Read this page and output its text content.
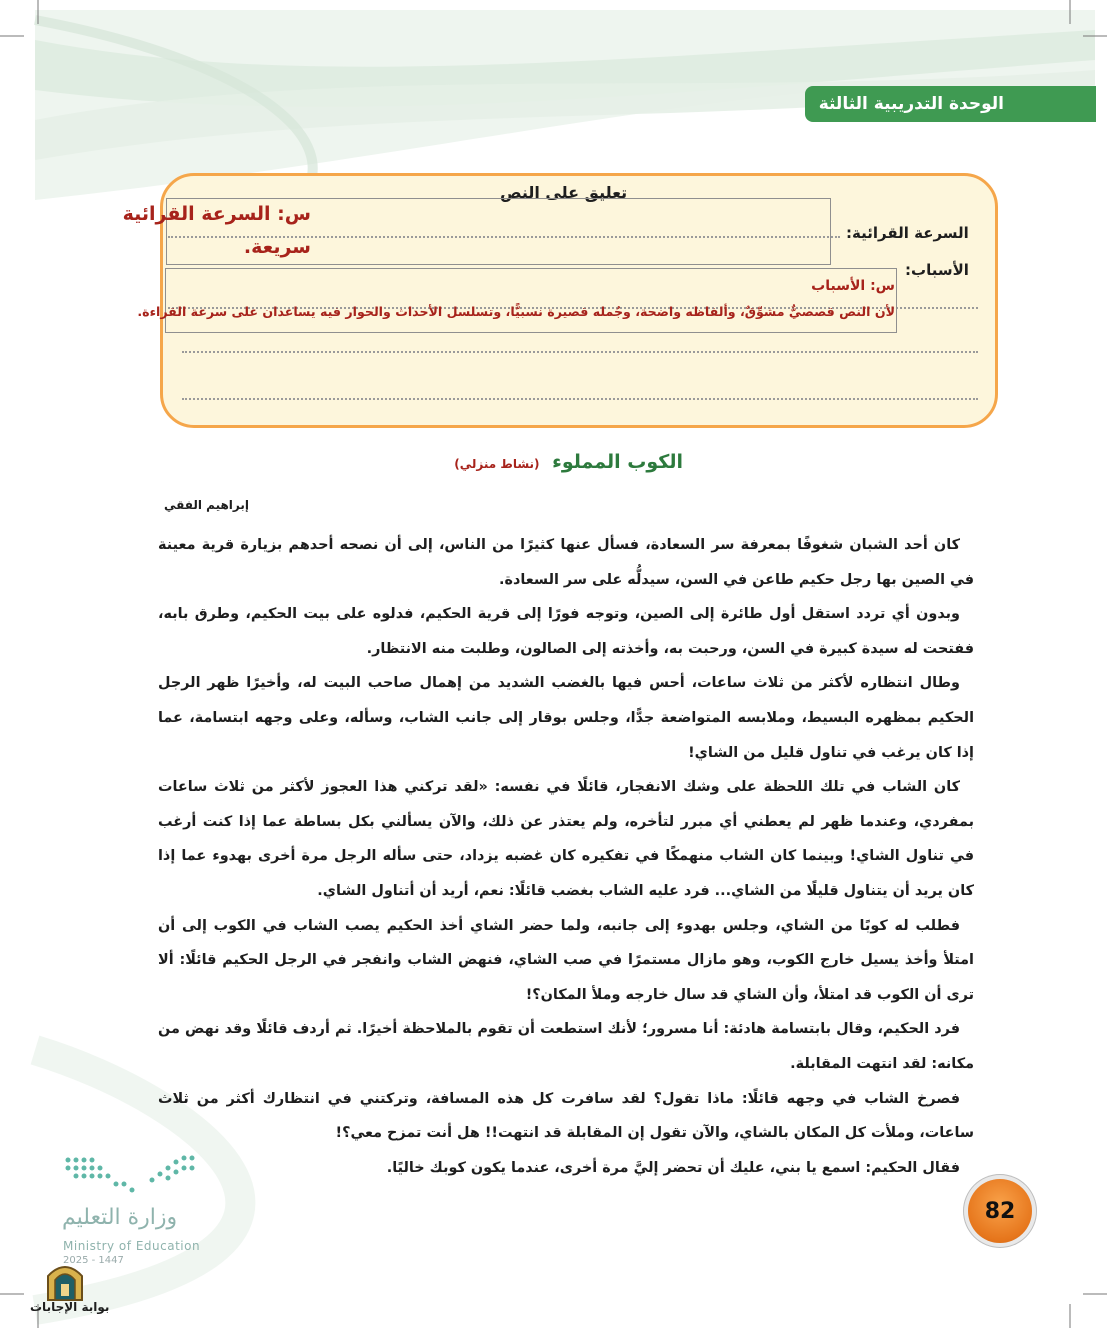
الوحدة التدريبية الثالثة
تعليق على النص
السرعة القرائية:
الأسباب:
س: السرعة القرائية
سريعة.
س: الأسباب
لأن النص قصصيٌّ مشوِّقٌ، وألفاظه واضحة، وجُمله قصيرة نسبيًّا، وتسلسل الأحداث والحوار فيه يساعدان على سرعة القراءة.
الكوب المملوء (نشاط منزلي)
إبراهيم الفقي

كان أحد الشبان شغوفًا بمعرفة سر السعادة، فسأل عنها كثيرًا من الناس، إلى أن نصحه أحدهم بزيارة قرية معينة في الصين بها رجل حكيم طاعن في السن، سيدلُّه على سر السعادة.

وبدون أي تردد استقل أول طائرة إلى الصين، وتوجه فورًا إلى قرية الحكيم، فدلوه على بيت الحكيم، وطرق بابه، ففتحت له سيدة كبيرة في السن، ورحبت به، وأخذته إلى الصالون، وطلبت منه الانتظار.

وطال انتظاره لأكثر من ثلاث ساعات، أحس فيها بالغضب الشديد من إهمال صاحب البيت له، وأخيرًا ظهر الرجل الحكيم بمظهره البسيط، وملابسه المتواضعة جدًّا، وجلس بوقار إلى جانب الشاب، وسأله، وعلى وجهه ابتسامة، عما إذا كان يرغب في تناول قليل من الشاي!

كان الشاب في تلك اللحظة على وشك الانفجار، قائلًا في نفسه: «لقد تركني هذا العجوز لأكثر من ثلاث ساعات بمفردي، وعندما ظهر لم يعطني أي مبرر لتأخره، ولم يعتذر عن ذلك، والآن يسألني بكل بساطة عما إذا كنت أرغب في تناول الشاي! وبينما كان الشاب منهمكًا في تفكيره كان غضبه يزداد، حتى سأله الرجل مرة أخرى بهدوء عما إذا كان يريد أن يتناول قليلًا من الشاي... فرد عليه الشاب بغضب قائلًا: نعم، أريد أن أتناول الشاي.

فطلب له كوبًا من الشاي، وجلس بهدوء إلى جانبه، ولما حضر الشاي أخذ الحكيم يصب الشاب في الكوب إلى أن امتلأ وأخذ يسيل خارج الكوب، وهو مازال مستمرًا في صب الشاي، فنهض الشاب وانفجر في الرجل الحكيم قائلًا: ألا ترى أن الكوب قد امتلأ، وأن الشاي قد سال خارجه وملأ المكان؟!

فرد الحكيم، وقال بابتسامة هادئة: أنا مسرور؛ لأنك استطعت أن تقوم بالملاحظة أخيرًا. ثم أردف قائلًا وقد نهض من مكانه: لقد انتهت المقابلة.

فصرخ الشاب في وجهه قائلًا: ماذا تقول؟ لقد سافرت كل هذه المسافة، وتركتني في انتظارك أكثر من ثلاث ساعات، وملأت كل المكان بالشاي، والآن تقول إن المقابلة قد انتهت!! هل أنت تمزح معي؟!

فقال الحكيم: اسمع يا بني، عليك أن تحضر إليَّ مرة أخرى، عندما يكون كوبك خاليًا.

82
وزارة التعليم
Ministry of Education
2025 - 1447
بوابة الإجابات
